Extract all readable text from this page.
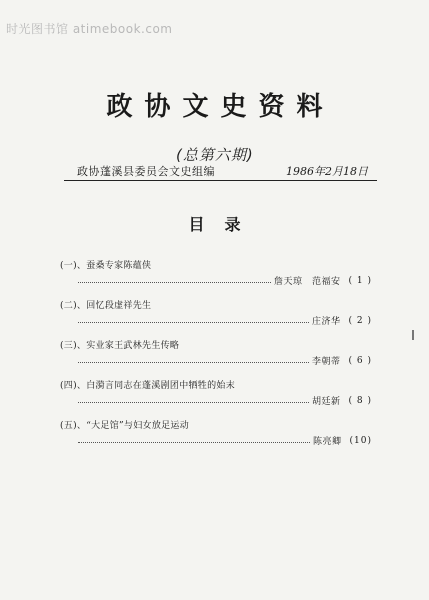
时光图书馆 atimebook.com
政协文史资料
(总第六期)
政协蓬溪县委员会文史组编	1986年2月18日
目录
(一)、蚕桑专家陈蕴侠
詹天琼　范福安 ( 1 )
(二)、回忆段虚祥先生
庄济华 ( 2 )
(三)、实业家王武林先生传略
李朝蒂 ( 6 )
(四)、白漪言同志在蓬溪剧团中牺牲的始末
胡廷新 ( 8 )
(五)、“大足馆”与妇女放足运动
陈亮卿 (10)
